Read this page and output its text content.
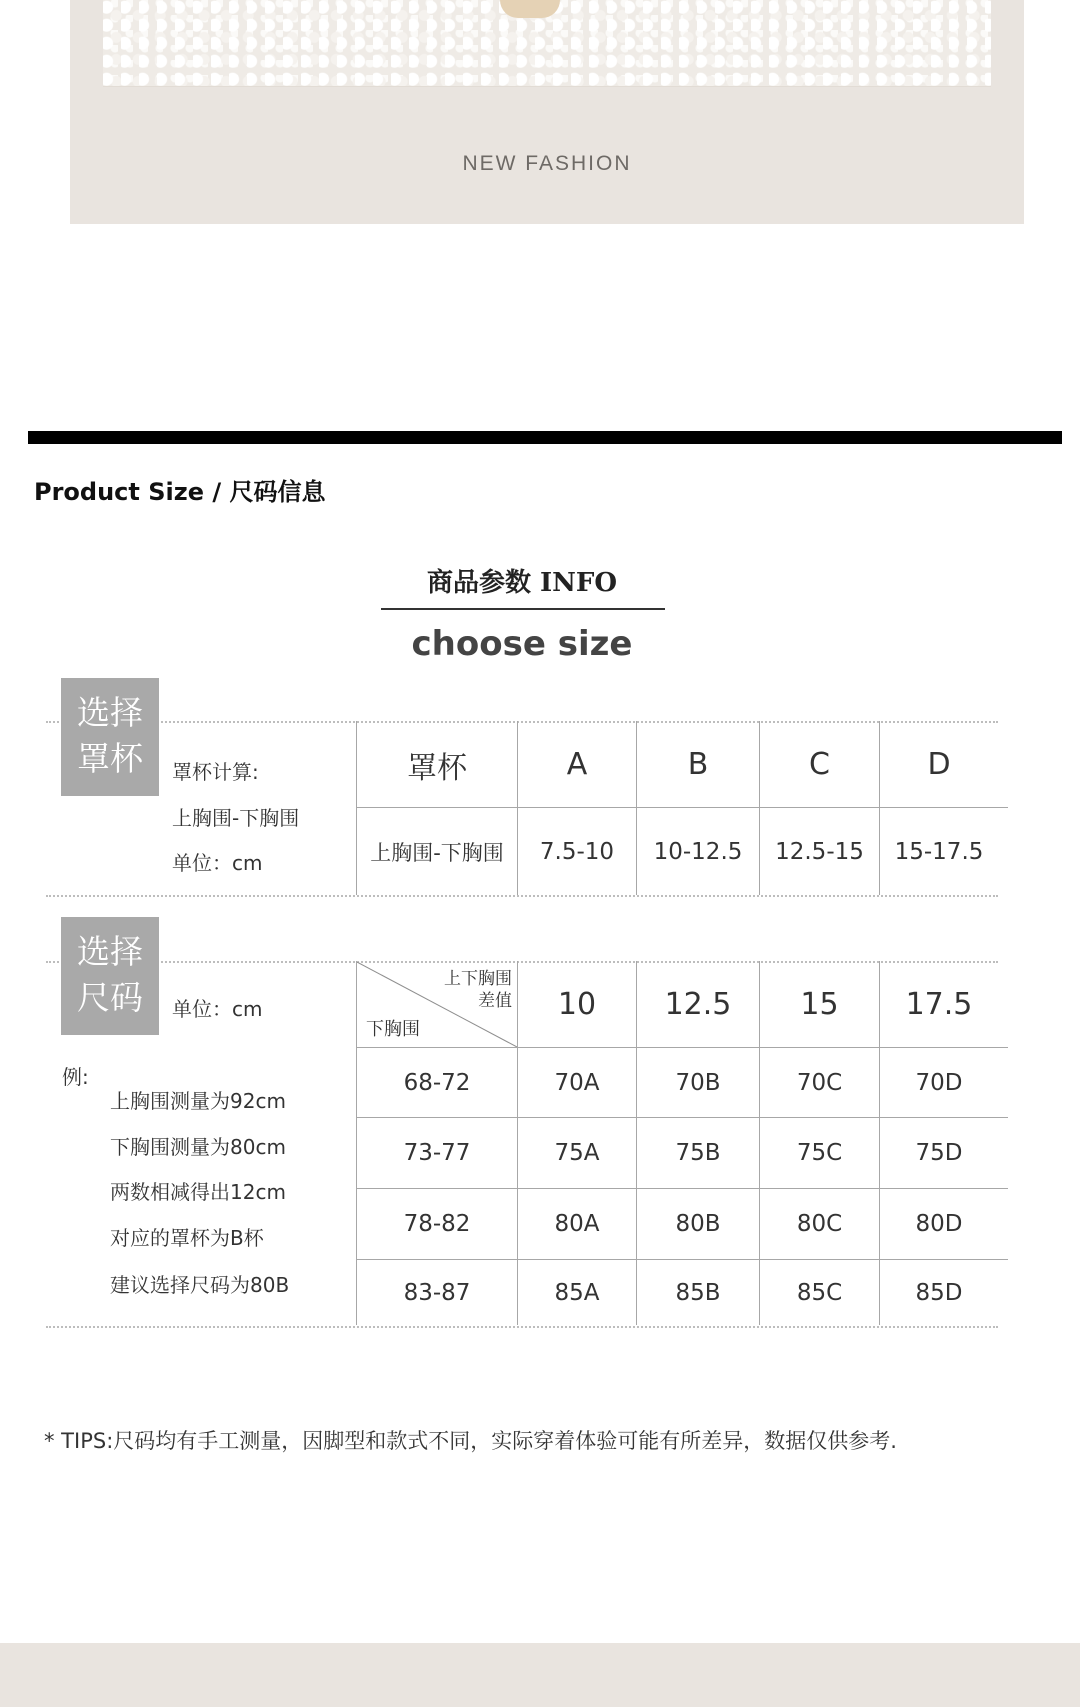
NEW FASHION
Product Size / 尺码信息
商品参数 INFO
choose size
选择
罩杯	罩杯计算:
上胸围-下胸围
单位：cm
罩杯	A	B	C	D
上胸围-下胸围	7.5-10	10-12.5	12.5-15	15-17.5
选择
尺码	单位：cm
例:
上胸围测量为92cm
下胸围测量为80cm
两数相减得出12cm
对应的罩杯为B杯
建议选择尺码为80B
上下胸围
差值
下胸围
10	12.5	15	17.5
68-72	70A	70B	70C	70D
73-77	75A	75B	75C	75D
78-82	80A	80B	80C	80D
83-87	85A	85B	85C	85D
* TIPS:尺码均有手工测量，因脚型和款式不同，实际穿着体验可能有所差异，数据仅供参考.
